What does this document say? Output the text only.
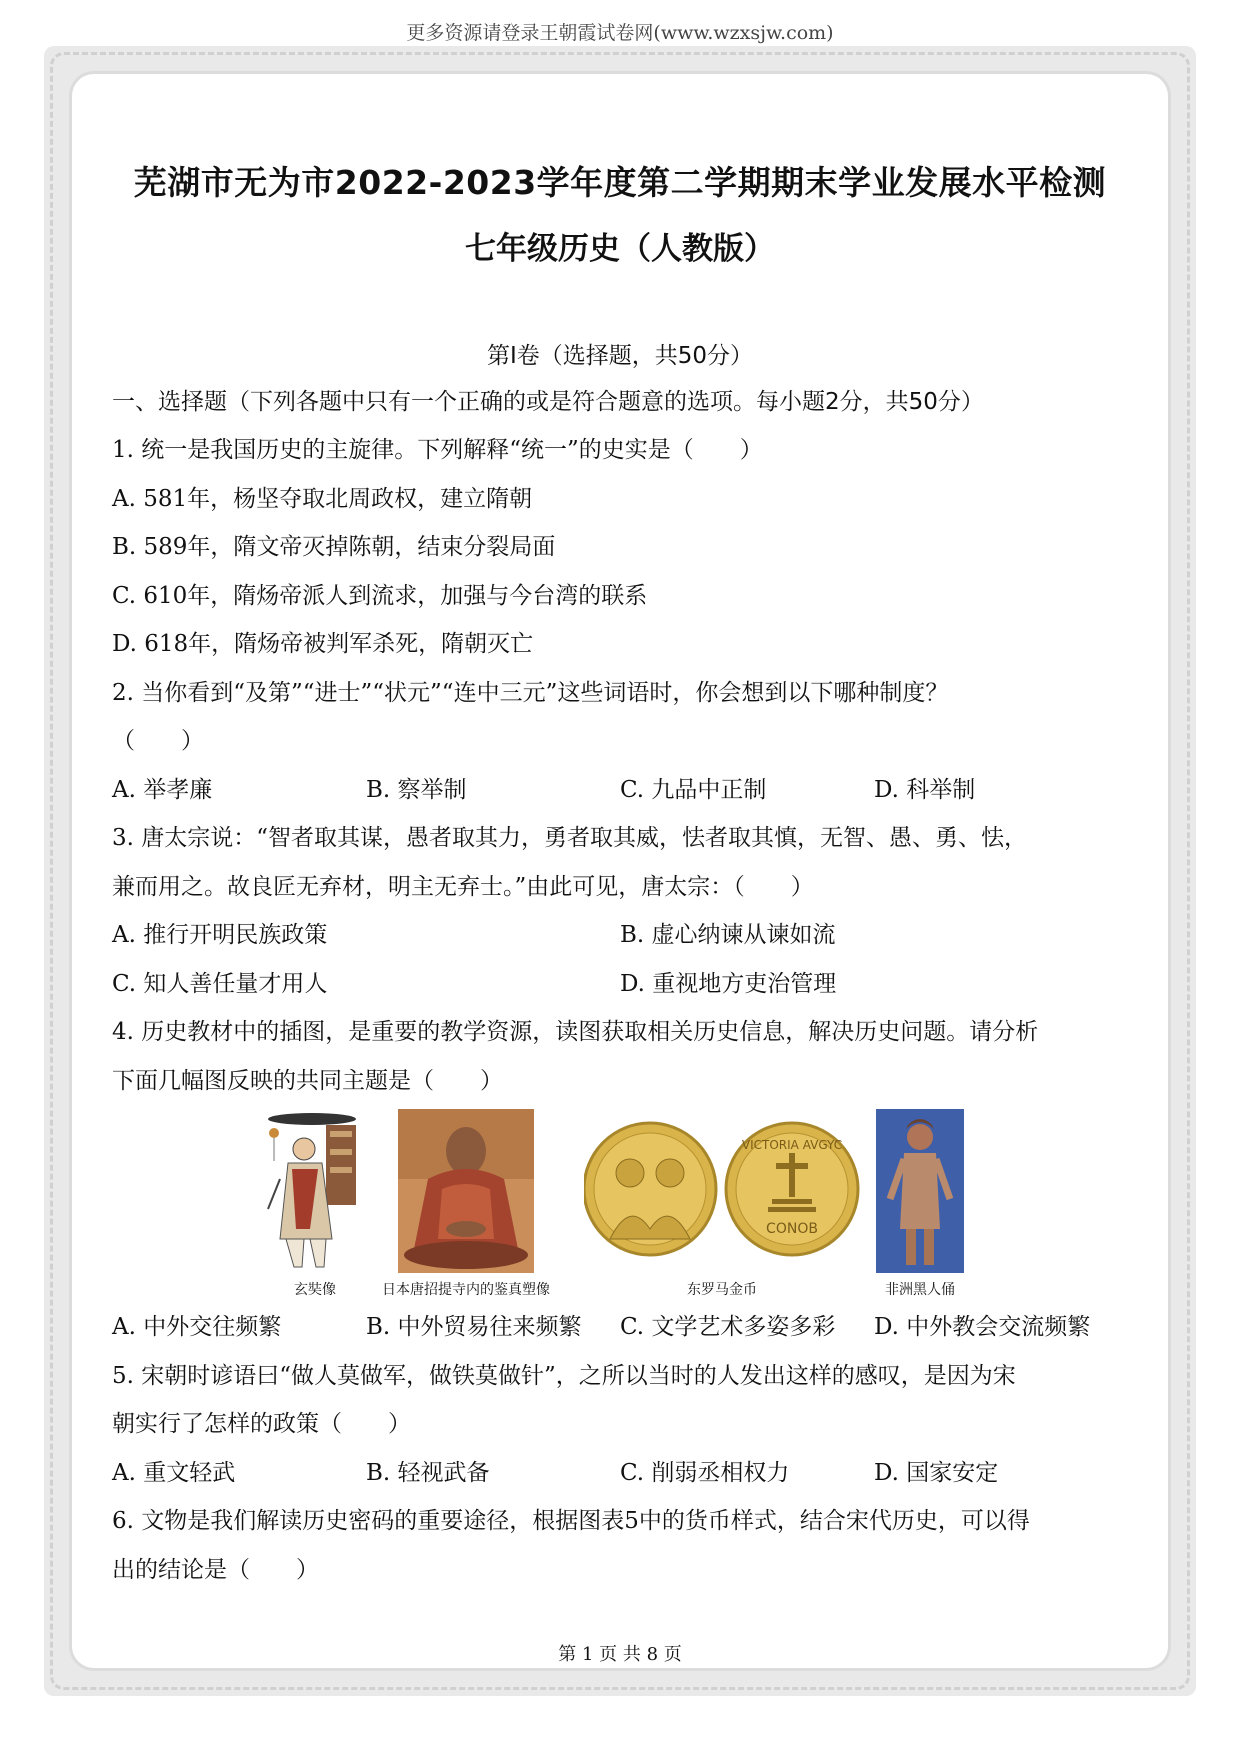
更多资源请登录王朝霞试卷网(www.wzxsjw.com)
芜湖市无为市2022-2023学年度第二学期期末学业发展水平检测
七年级历史（人教版）
第Ⅰ卷（选择题，共50分）
一、选择题（下列各题中只有一个正确的或是符合题意的选项。每小题2分，共50分）
1. 统一是我国历史的主旋律。下列解释“统一”的史实是（　　）
A. 581年，杨坚夺取北周政权，建立隋朝
B. 589年，隋文帝灭掉陈朝，结束分裂局面
C. 610年，隋炀帝派人到流求，加强与今台湾的联系
D. 618年，隋炀帝被判军杀死，隋朝灭亡
2. 当你看到“及第”“进士”“状元”“连中三元”这些词语时，你会想到以下哪种制度？
（　　）
A. 举孝廉	B. 察举制	C. 九品中正制	D. 科举制
3. 唐太宗说：“智者取其谋，愚者取其力，勇者取其威，怯者取其慎，无智、愚、勇、怯，
兼而用之。故良匠无弃材，明主无弃士。”由此可见，唐太宗：（　　）
A. 推行开明民族政策	B. 虚心纳谏从谏如流
C. 知人善任量才用人	D. 重视地方吏治管理
4. 历史教材中的插图，是重要的教学资源，读图获取相关历史信息，解决历史问题。请分析
下面几幅图反映的共同主题是（　　）
玄奘像	日本唐招提寺内的鉴真塑像
VICTORIA AVGYC
CONOB
东罗马金币	非洲黑人俑
A. 中外交往频繁	B. 中外贸易往来频繁	C. 文学艺术多姿多彩	D. 中外教会交流频繁
5. 宋朝时谚语曰“做人莫做军，做铁莫做针”，之所以当时的人发出这样的感叹，是因为宋
朝实行了怎样的政策（　　）
A. 重文轻武	B. 轻视武备	C. 削弱丞相权力	D. 国家安定
6. 文物是我们解读历史密码的重要途径，根据图表5中的货币样式，结合宋代历史，可以得
出的结论是（　　）
第 1 页 共 8 页
